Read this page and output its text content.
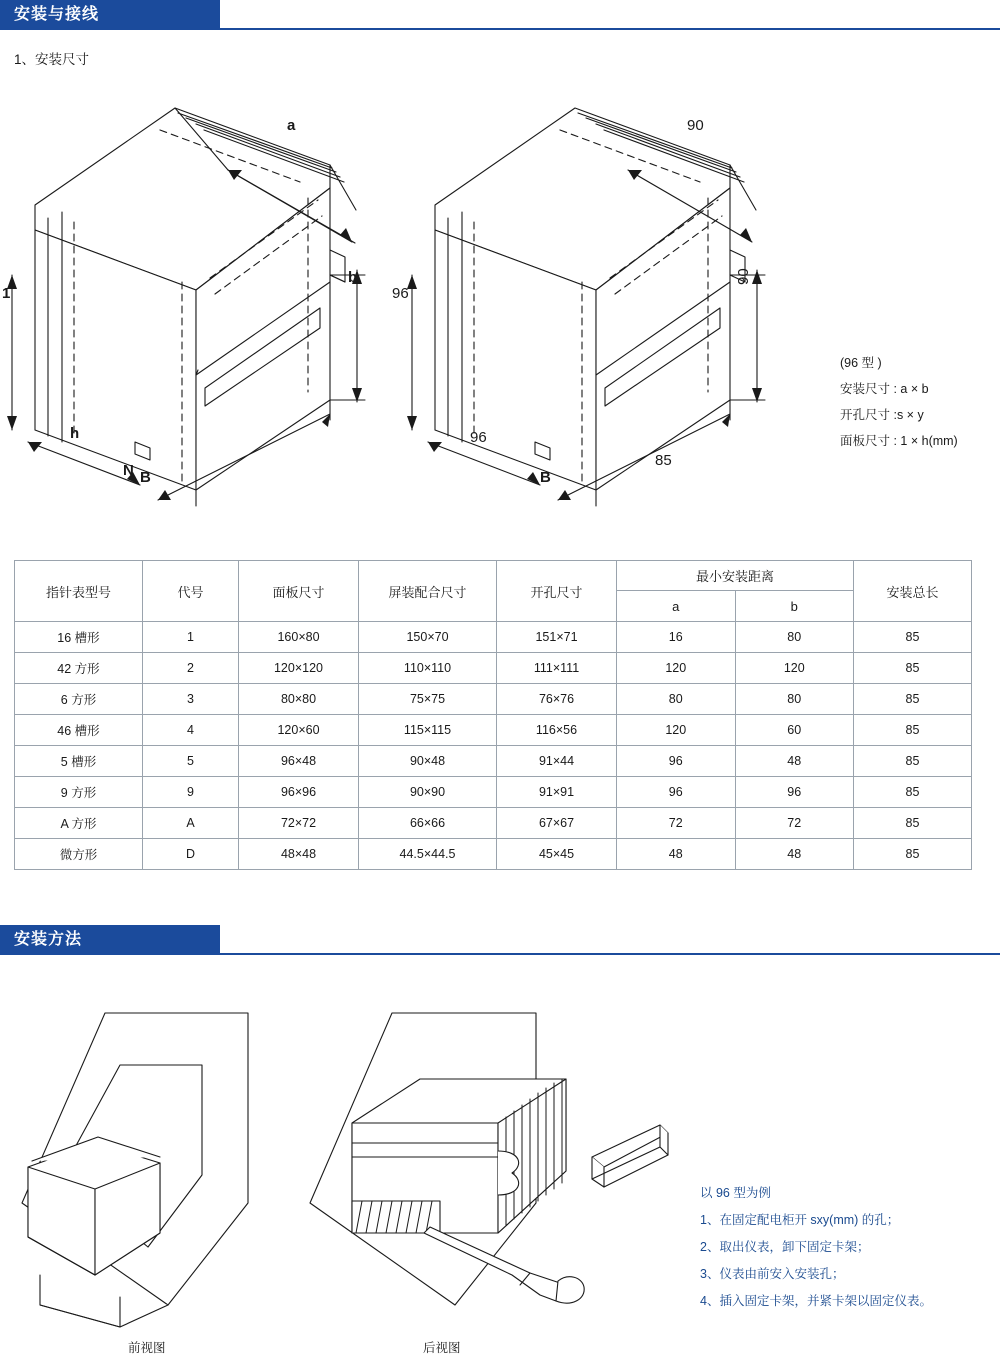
安装与接线
1、安装尺寸
a
b
1
h
N B
90
90
96
96
85
B
(96 型 )
安装尺寸 : a × b
开孔尺寸 :s × y
面板尺寸 : 1 × h(mm)
指针表型号	代号	面板尺寸	屏装配合尺寸	开孔尺寸	最小安装距离		安装总长
					a	b	
16 槽形	1	160×80	150×70	151×71	16	80	85
42 方形	2	120×120	110×110	111×111	120	120	85
6 方形	3	80×80	75×75	76×76	80	80	85
46 槽形	4	120×60	115×115	116×56	120	60	85
5 槽形	5	96×48	90×48	91×44	96	48	85
9 方形	9	96×96	90×90	91×91	96	96	85
A 方形	A	72×72	66×66	67×67	72	72	85
微方形	D	48×48	44.5×44.5	45×45	48	48	85
安装方法
以 96 型为例
1、在固定配电柜开 sxy(mm) 的孔；
2、取出仪表，卸下固定卡架；
3、仪表由前安入安装孔；
4、插入固定卡架，并紧卡架以固定仪表。
前视图	后视图
